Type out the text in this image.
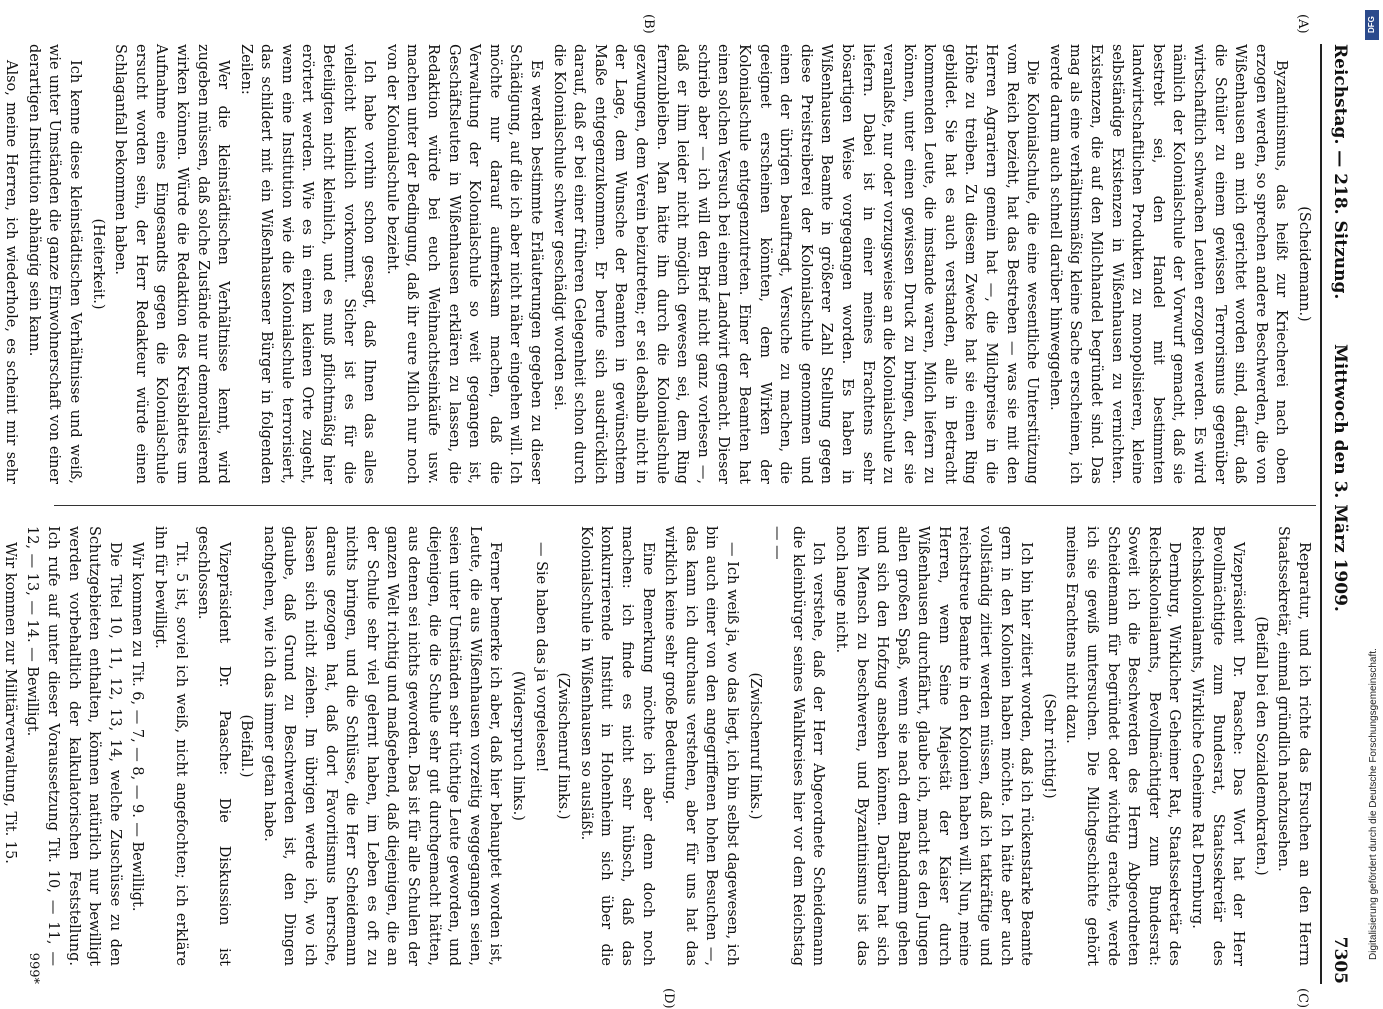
DFG
Digitalisierung gefördert durch die Deutsche Forschungsgemeinschaft.
Reichstag. — 218. Sitzung.
Mittwoch den 3. März 1909.
7305

(Scheidemann.)

Byzantinismus, das heißt zur Kriecherei nach oben erzogen werden, so sprechen andere Beschwerden, die von Wißenhausen an mich gerichtet worden sind, dafür, daß die Schüler zu einem gewissen Terrorismus gegenüber wirtschaftlich schwachen Leuten erzogen werden. Es wird nämlich der Kolonialschule der Vorwurf gemacht, daß sie bestrebt sei, den Handel mit bestimmten landwirtschaftlichen Produkten zu monopolisieren, kleine selbständige Existenzen in Wißenhausen zu vernichten. Existenzen, die auf den Milchhandel begründet sind. Das mag als eine verhältnismäßig kleine Sache erscheinen, ich werde darum auch schnell darüber hinweggehen.

Die Kolonialschule, die eine wesentliche Unterstützung vom Reich bezieht, hat das Bestreben — was sie mit den Herren Agrariern gemein hat —, die Milchpreise in die Höhe zu treiben. Zu diesem Zwecke hat sie einen Ring gebildet. Sie hat es auch verstanden, alle in Betracht kommenden Leute, die imstande waren, Milch liefern zu können, unter einen gewissen Druck zu bringen, der sie veranlaßte, nur oder vorzugsweise an die Kolonialschule zu liefern. Dabei ist in einer meines Erachtens sehr bösartigen Weise vorgegangen worden. Es haben in Wißenhausen Beamte in größerer Zahl Stellung gegen diese Preistreiberei der Kolonialschule genommen und einen der übrigen beauftragt, Versuche zu machen, die geeignet erscheinen könnten, dem Wirken der Kolonialschule entgegenzutreten. Einer der Beamten hat einen solchen Versuch bei einem Landwirt gemacht. Dieser schrieb aber — ich will den Brief nicht ganz vorlesen —, daß er ihm leider nicht möglich gewesen sei, dem Ring fernzubleiben. Man hätte ihn durch die Kolonialschule gezwungen, dem Verein beizutreten; er sei deshalb nicht in der Lage, dem Wunsche der Beamten in gewünschtem Maße entgegenzukommen. Er berufe sich ausdrücklich darauf, daß er bei einer früheren Gelegenheit schon durch die Kolonialschule schwer geschädigt worden sei.

Es werden bestimmte Erläuterungen gegeben zu dieser Schädigung, auf die ich aber nicht näher eingehen will. Ich möchte nur darauf aufmerksam machen, daß die Verwaltung der Kolonialschule so weit gegangen ist, Geschäftsleuten in Wißenhausen erklären zu lassen, die Redaktion würde bei euch Weihnachtseinkäufe usw. machen unter der Bedingung, daß ihr eure Milch nur noch von der Kolonialschule bezieht.

Ich habe vorhin schon gesagt, daß Ihnen das alles vielleicht kleinlich vorkommt. Sicher ist es für die Beteiligten nicht kleinlich, und es muß pflichtmäßig hier erörtert werden. Wie es in einem kleinen Orte zugeht, wenn eine Institution wie die Kolonialschule terrorisiert, das schildert mit ein Wißenhausener Bürger in folgenden Zeilen:

Wer die kleinstädtischen Verhältnisse kennt, wird zugeben müssen, daß solche Zustände nur demoralisierend wirken können. Würde die Redaktion des Kreisblattes um Aufnahme eines Eingesandts gegen die Kolonialschule ersucht worden sein, der Herr Redakteur würde einen Schlaganfall bekommen haben.

(Heiterkeit.)

Ich kenne diese kleinstädtischen Verhältnisse und weiß, wie unter Umständen die ganze Einwohnerschaft von einer derartigen Institution abhängig sein kann.

Also, meine Herren, ich wiederhole, es scheint mir sehr

Reparatur, und ich richte das Ersuchen an den Herrn Staatssekretär, einmal gründlich nachzusehen.

(Beifall bei den Sozialdemokraten.)

Vizepräsident Dr. Paasche: Das Wort hat der Herr Bevollmächtigte zum Bundesrat, Staatssekretär des Reichskolonialamts, Wirkliche Geheime Rat Dernburg.

Dernburg, Wirklicher Geheimer Rat, Staatssekretär des Reichskolonialamts, Bevollmächtigter zum Bundesrat: Soweit ich die Beschwerden des Herrn Abgeordneten Scheidemann für begründet oder wichtig erachte, werde ich sie gewiß untersuchen. Die Milchgeschichte gehört meines Erachtens nicht dazu.

(Sehr richtig!)

Ich bin hier zitiert worden, daß ich rückenstarke Beamte gern in den Kolonien haben möchte. Ich hätte aber auch vollständig zitiert werden müssen, daß ich tatkräftige und reichstreue Beamte in den Kolonien haben will. Nun, meine Herren, wenn Seine Majestät der Kaiser durch Wißenhausen durchfährt, glaube ich, macht es den Jungen allen großen Spaß, wenn sie nach dem Bahndamm gehen und sich den Hofzug ansehen können. Darüber hat sich kein Mensch zu beschweren, und Byzantinismus ist das noch lange nicht.

Ich verstehe, daß der Herr Abgeordnete Scheidemann die kleinbürger seines Wahlkreises hier vor dem Reichstag — —

(Zwischenruf links.)

— Ich weiß ja, wo das liegt, ich bin selbst dagewesen, ich bin auch einer von den angegriffenen hohen Besuchen —, das kann ich durchaus verstehen, aber für uns hat das wirklich keine sehr große Bedeutung.

Eine Bemerkung möchte ich aber denn doch noch machen: ich finde es nicht sehr hübsch, daß das konkurrierende Institut in Hohenheim sich über die Kolonialschule in Wißenhausen so ausläßt.

(Zwischenruf links.)

— Sie haben das ja vorgelesen!

(Widerspruch links.)

Ferner bemerke ich aber, daß hier behauptet worden ist, Leute, die aus Wißenhausen vorzeitig weggegangen seien, seien unter Umständen sehr tüchtige Leute geworden, und diejenigen, die die Schule sehr gut durchgemacht hätten, aus denen sei nichts geworden. Das ist für alle Schulen der ganzen Welt richtig und maßgebend, daß diejenigen, die an der Schule sehr viel gelernt haben, im Leben es oft zu nichts bringen, und die Schlüsse, die Herr Scheidemann daraus gezogen hat, daß dort Favoritismus herrsche, lassen sich nicht ziehen. Im übrigen werde ich, wo ich glaube, daß Grund zu Beschwerden ist, den Dingen nachgehen, wie ich das immer getan habe.

(Beifall.)

Vizepräsident Dr. Paasche: Die Diskussion ist geschlossen.

Tit. 5 ist, soviel ich weiß, nicht angefochten; ich erkläre ihn für bewilligt.

Wir kommen zu Tit. 6, — 7, — 8, — 9. — Bewilligt.

Die Titel 10, 11, 12, 13, 14, welche Zuschüsse zu den Schutzgebieten enthalten, können natürlich nur bewilligt werden vorbehaltlich der kalkulatorischen Feststellung. Ich rufe auf unter dieser Voraussetzung Tit. 10, — 11, — 12, — 13, — 14. — Bewilligt.

Wir kommen zur Militärverwaltung, Tit. 15.

(A)
(B)
(C)
(D)
999*
